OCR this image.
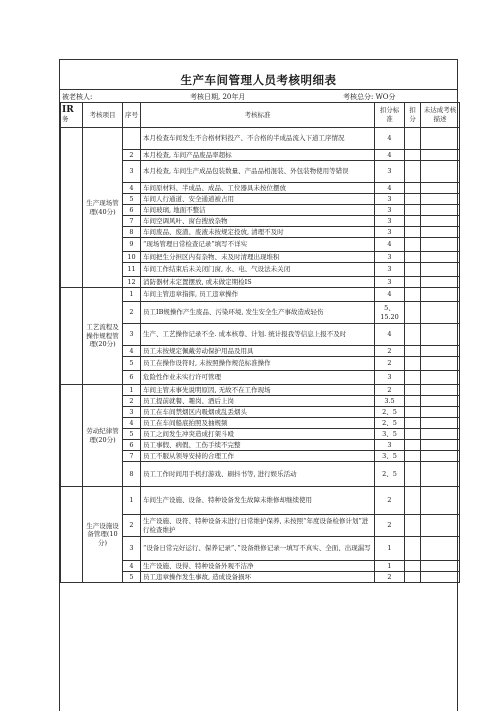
生产车间管理人员考核明细表
被老核人:	考核日期, 20年月	考核总分: WO分
IR务	考核项目	序号	考核标准	扣分标准	扣分	未达成考核描述
	生产现场管理(40分)		本月检查车间发生不合格材料投产、不合格的半成品流入下道工序情况	4		
		2	本月检查, 车间产品废品率超标	4		
		3	本月检查, 车间生产成品包装数量、产品品相混装、外包装物使用等错误	3		
		4	车间原材料、半成品、成品、工位器具未按位摆放	4		
		5	车间人行通道、安全通道被占用	3		
		6	车间玻璃, 地面不整洁	3		
		7	车间空调风叶、窗台搜放杂物	3		
		8	车间废品、废渣、废液未按规定投放, 清理不及时	3		
		9	“现场管理日常检查记录”填写不详实	4		
		10	车间把生分担区内有杂物、未及时清理出现堆积	3		
		11	车间工作结束后未关闭门窗, 水、电、气设法未关闭	3		
		12	消防器材未定置摆放, 或未做定期检IS	3		
	工艺流程及操作规程管理(20分)	1	车间主管违章指挥, 员工违章操作	4		
		2	员工IB规操作产生废品、污染环境, 发生安全生产事故造成轻伤	5、15.20		
		3	生产、工艺操作记录不全. 成本核尊、计划. 统计报我等信息上报不及时	4		
		4	员工未按规定佩戴劳动保护用品及用具	2		
		5	员工在操作设符时, 未按照操作规范标准操作	2		
		6	危险性作业未实行许可管理	3		
	劳动纪律管理(20分)	1	车间主管未事先说明原因, 无故不在工作现场	2		
		2	员工提前就餐、趣岗、酒后上岗	3.5		
		3	员工在车间禁烟区内吸烟或乱丢烟头	2、5		
		4	员工在车间船底拍照及抽规频	2、5		
		5	员工之间发生冲突造成打架斗殴	3、5		
		6	员工事假、病假、工伤手续不完整	3		
		7	员工不服从领导安持的合理工作	3、5		
		8	员工工作时间用手机打游戏、刷抖书等, 进行娱乐活动	2、5		
	生产设施设备管理(10分)	1	车间生产设施、设备、特种设备发生故障未维修却继续使用	2		
		2	生产设施、设符、特种设备未进行日常维护保养, 未按照“年度设备检修计划”进行检查维护	2		
		3	“设备日常完好运行、保养记录”、”设备维修记录一填写不真实、全面、出现漏写	1		
		4	生产设施、设得、特种设备外观不洁净	1		
		5	员工违章操作发生事故, 造成设备损坏	2		
